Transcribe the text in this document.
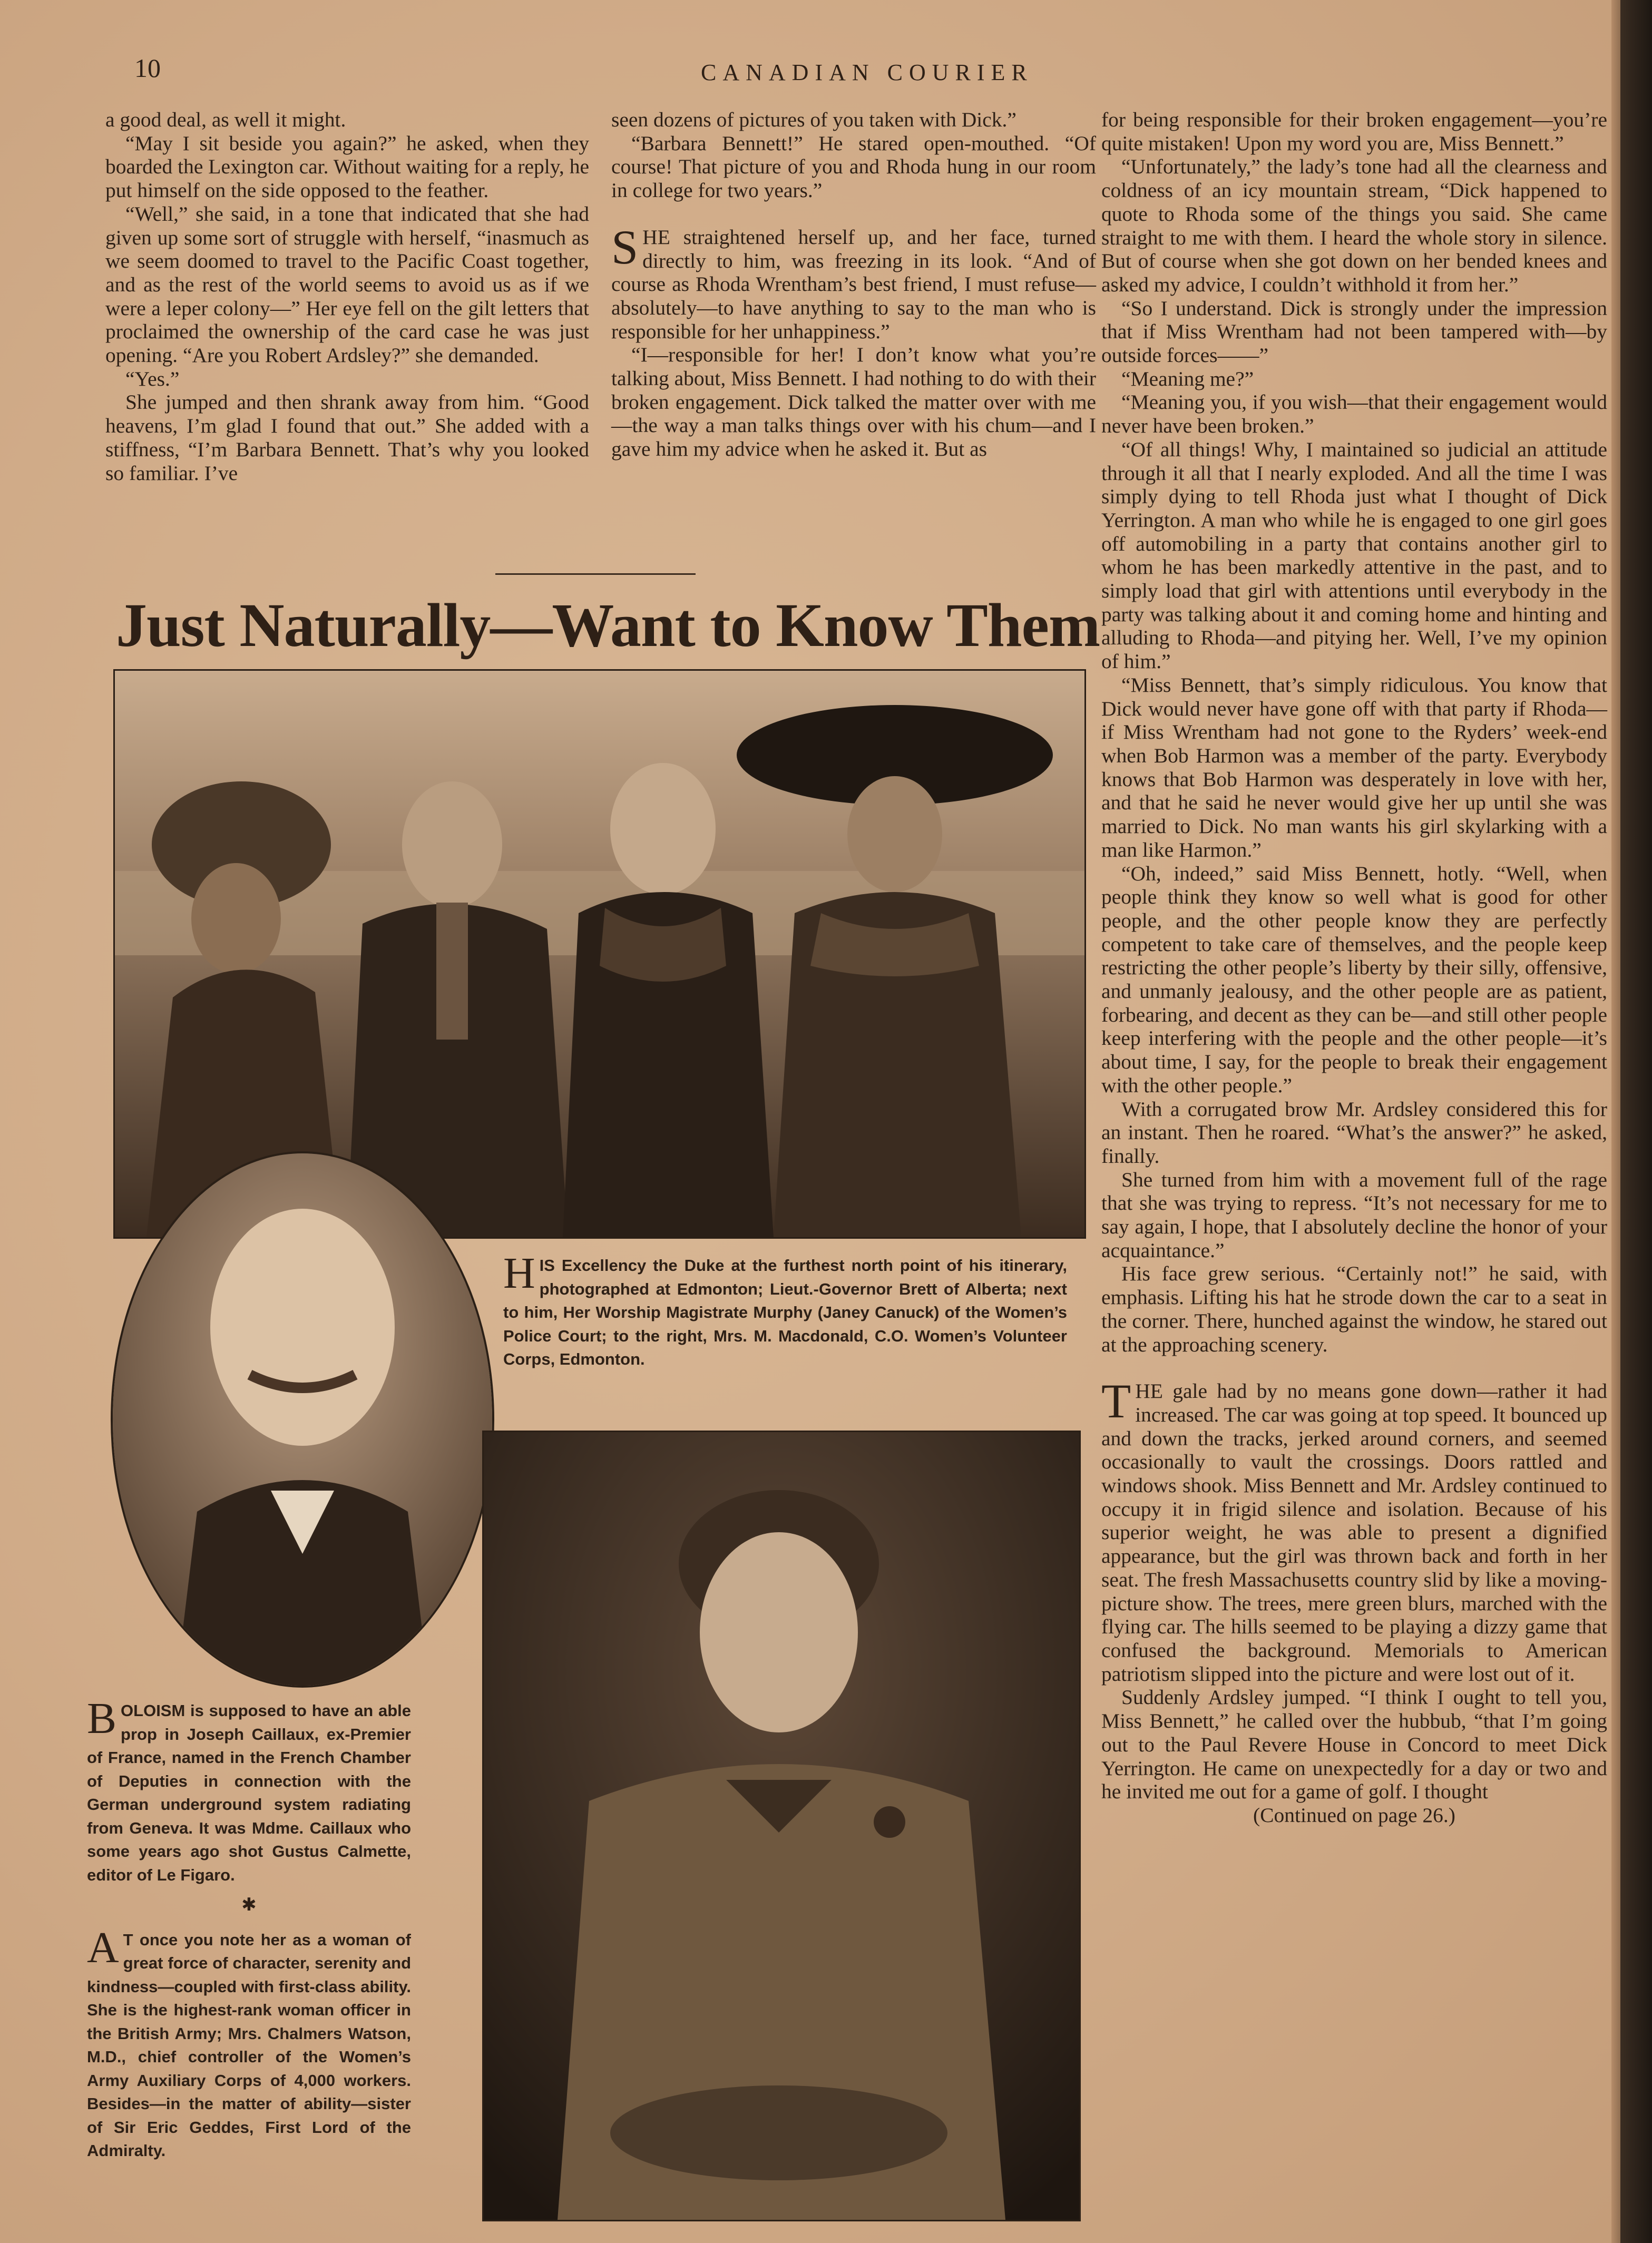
10	CANADIAN COURIER

a good deal, as well it might.

“May I sit beside you again?” he asked, when they boarded the Lexington car. Without waiting for a reply, he put himself on the side opposed to the feather.

“Well,” she said, in a tone that indicated that she had given up some sort of struggle with herself, “inasmuch as we seem doomed to travel to the Pacific Coast together, and as the rest of the world seems to avoid us as if we were a leper colony—” Her eye fell on the gilt letters that proclaimed the ownership of the card case he was just opening. “Are you Robert Ardsley?” she demanded.

“Yes.”

She jumped and then shrank away from him. “Good heavens, I’m glad I found that out.” She added with a stiffness, “I’m Barbara Bennett. That’s why you looked so familiar. I’ve

seen dozens of pictures of you taken with Dick.”

“Barbara Bennett!” He stared open-mouthed. “Of course! That picture of you and Rhoda hung in our room in college for two years.”

SHE straightened herself up, and her face, turned directly to him, was freezing in its look. “And of course as Rhoda Wrentham’s best friend, I must refuse—absolutely—to have anything to say to the man who is responsible for her unhappiness.”

“I—responsible for her! I don’t know what you’re talking about, Miss Bennett. I had nothing to do with their broken engagement. Dick talked the matter over with me—the way a man talks things over with his chum—and I gave him my advice when he asked it. But as

for being responsible for their broken engagement—you’re quite mistaken! Upon my word you are, Miss Bennett.”

“Unfortunately,” the lady’s tone had all the clearness and coldness of an icy mountain stream, “Dick happened to quote to Rhoda some of the things you said. She came straight to me with them. I heard the whole story in silence. But of course when she got down on her bended knees and asked my advice, I couldn’t withhold it from her.”

“So I understand. Dick is strongly under the impression that if Miss Wrentham had not been tampered with—by outside forces——”

“Meaning me?”

“Meaning you, if you wish—that their engagement would never have been broken.”

“Of all things! Why, I maintained so judicial an attitude through it all that I nearly exploded. And all the time I was simply dying to tell Rhoda just what I thought of Dick Yerrington. A man who while he is engaged to one girl goes off automobiling in a party that contains another girl to whom he has been markedly attentive in the past, and to simply load that girl with attentions until everybody in the party was talking about it and coming home and hinting and alluding to Rhoda—and pitying her. Well, I’ve my opinion of him.”

“Miss Bennett, that’s simply ridiculous. You know that Dick would never have gone off with that party if Rhoda—if Miss Wrentham had not gone to the Ryders’ week-end when Bob Harmon was a member of the party. Everybody knows that Bob Harmon was desperately in love with her, and that he said he never would give her up until she was married to Dick. No man wants his girl skylarking with a man like Harmon.”

“Oh, indeed,” said Miss Bennett, hotly. “Well, when people think they know so well what is good for other people, and the other people know they are perfectly competent to take care of themselves, and the people keep restricting the other people’s liberty by their silly, offensive, and unmanly jealousy, and the other people are as patient, forbearing, and decent as they can be—and still other people keep interfering with the people and the other people—it’s about time, I say, for the people to break their engagement with the other people.”

With a corrugated brow Mr. Ardsley considered this for an instant. Then he roared. “What’s the answer?” he asked, finally.

She turned from him with a movement full of the rage that she was trying to repress. “It’s not necessary for me to say again, I hope, that I absolutely decline the honor of your acquaintance.”

His face grew serious. “Certainly not!” he said, with emphasis. Lifting his hat he strode down the car to a seat in the corner. There, hunched against the window, he stared out at the approaching scenery.

THE gale had by no means gone down—rather it had increased. The car was going at top speed. It bounced up and down the tracks, jerked around corners, and seemed occasionally to vault the crossings. Doors rattled and windows shook. Miss Bennett and Mr. Ardsley continued to occupy it in frigid silence and isolation. Because of his superior weight, he was able to present a dignified appearance, but the girl was thrown back and forth in her seat. The fresh Massachusetts country slid by like a moving-picture show. The trees, mere green blurs, marched with the flying car. The hills seemed to be playing a dizzy game that confused the background. Memorials to American patriotism slipped into the picture and were lost out of it.

Suddenly Ardsley jumped. “I think I ought to tell you, Miss Bennett,” he called over the hubbub, “that I’m going out to the Paul Revere House in Concord to meet Dick Yerrington. He came on unexpectedly for a day or two and he invited me out for a game of golf. I thought

(Continued on page 26.)

Just Naturally—Want to Know Them

HIS Excellency the Duke at the furthest north point of his itinerary, photographed at Edmonton; Lieut.-Governor Brett of Alberta; next to him, Her Worship Magistrate Murphy (Janey Canuck) of the Women’s Police Court; to the right, Mrs. M. Macdonald, C.O. Women’s Volunteer Corps, Edmonton.

BOLOISM is supposed to have an able prop in Joseph Caillaux, ex-Premier of France, named in the French Chamber of Deputies in connection with the German underground system radiating from Geneva. It was Mdme. Caillaux who some years ago shot Gustus Calmette, editor of Le Figaro.

✱

A T once you note her as a woman of great force of character, serenity and kindness—coupled with first-class ability. She is the highest-rank woman officer in the British Army; Mrs. Chalmers Watson, M.D., chief controller of the Women’s Army Auxiliary Corps of 4,000 workers. Besides—in the matter of ability—sister of Sir Eric Geddes, First Lord of the Admiralty.
